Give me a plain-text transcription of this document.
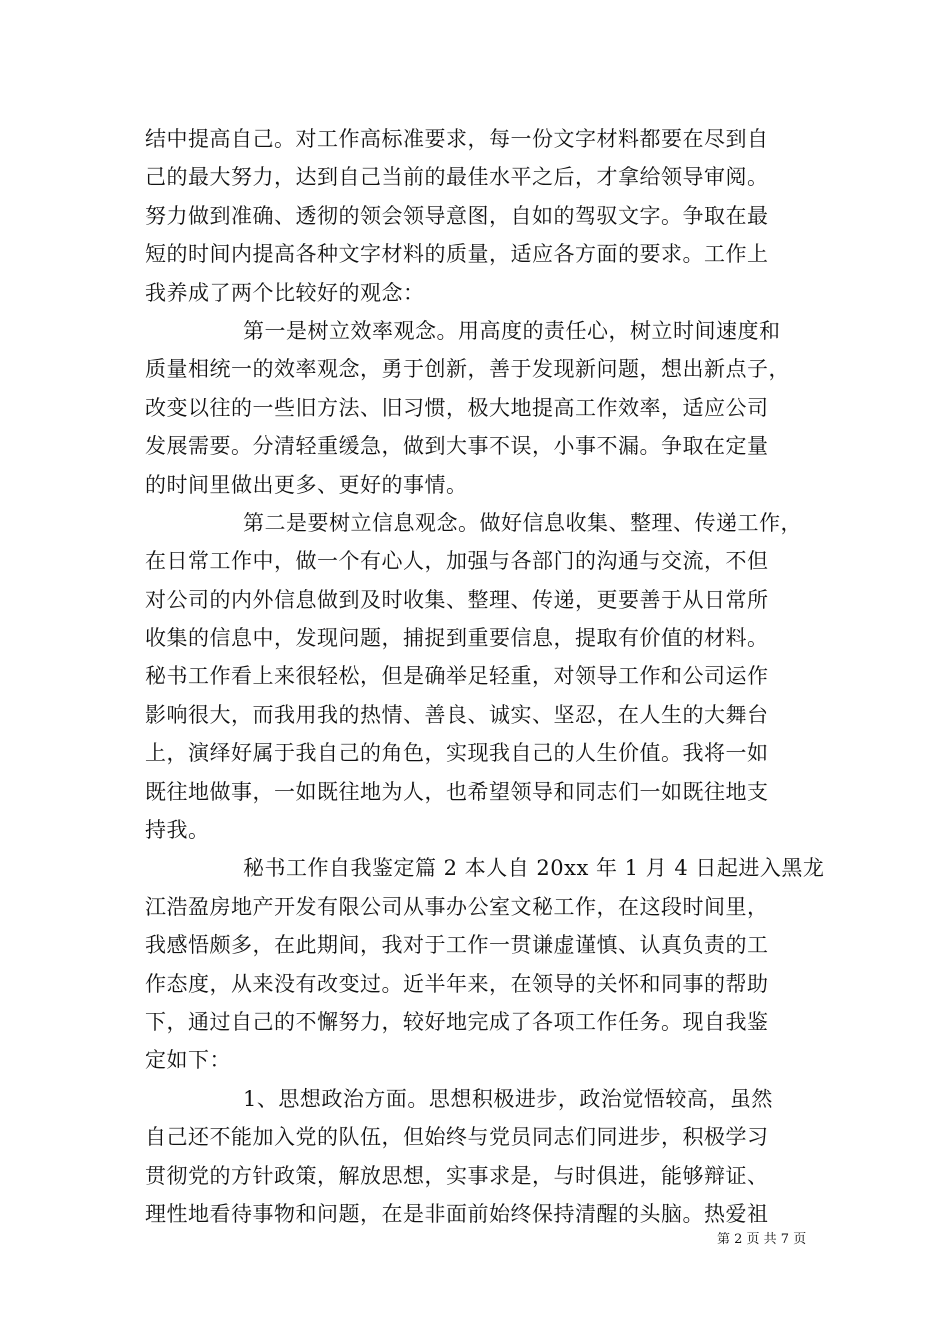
结中提高自己。对工作高标准要求，每一份文字材料都要在尽到自
己的最大努力，达到自己当前的最佳水平之后，才拿给领导审阅。
努力做到准确、透彻的领会领导意图，自如的驾驭文字。争取在最
短的时间内提高各种文字材料的质量，适应各方面的要求。工作上
我养成了两个比较好的观念：
第一是树立效率观念。用高度的责任心，树立时间速度和
质量相统一的效率观念，勇于创新，善于发现新问题，想出新点子，
改变以往的一些旧方法、旧习惯，极大地提高工作效率，适应公司
发展需要。分清轻重缓急，做到大事不误，小事不漏。争取在定量
的时间里做出更多、更好的事情。
第二是要树立信息观念。做好信息收集、整理、传递工作，
在日常工作中，做一个有心人，加强与各部门的沟通与交流，不但
对公司的内外信息做到及时收集、整理、传递，更要善于从日常所
收集的信息中，发现问题，捕捉到重要信息，提取有价值的材料。
秘书工作看上来很轻松，但是确举足轻重，对领导工作和公司运作
影响很大，而我用我的热情、善良、诚实、坚忍，在人生的大舞台
上，演绎好属于我自己的角色，实现我自己的人生价值。我将一如
既往地做事，一如既往地为人，也希望领导和同志们一如既往地支
持我。
秘书工作自我鉴定篇 2 本人自 20xx 年 1 月 4 日起进入黑龙
江浩盈房地产开发有限公司从事办公室文秘工作，在这段时间里，
我感悟颇多，在此期间，我对于工作一贯谦虚谨慎、认真负责的工
作态度，从来没有改变过。近半年来，在领导的关怀和同事的帮助
下，通过自己的不懈努力，较好地完成了各项工作任务。现自我鉴
定如下：
1、思想政治方面。思想积极进步，政治觉悟较高，虽然
自己还不能加入党的队伍，但始终与党员同志们同进步，积极学习
贯彻党的方针政策，解放思想，实事求是，与时俱进，能够辩证、
理性地看待事物和问题，在是非面前始终保持清醒的头脑。热爱祖
第 2 页 共 7 页
